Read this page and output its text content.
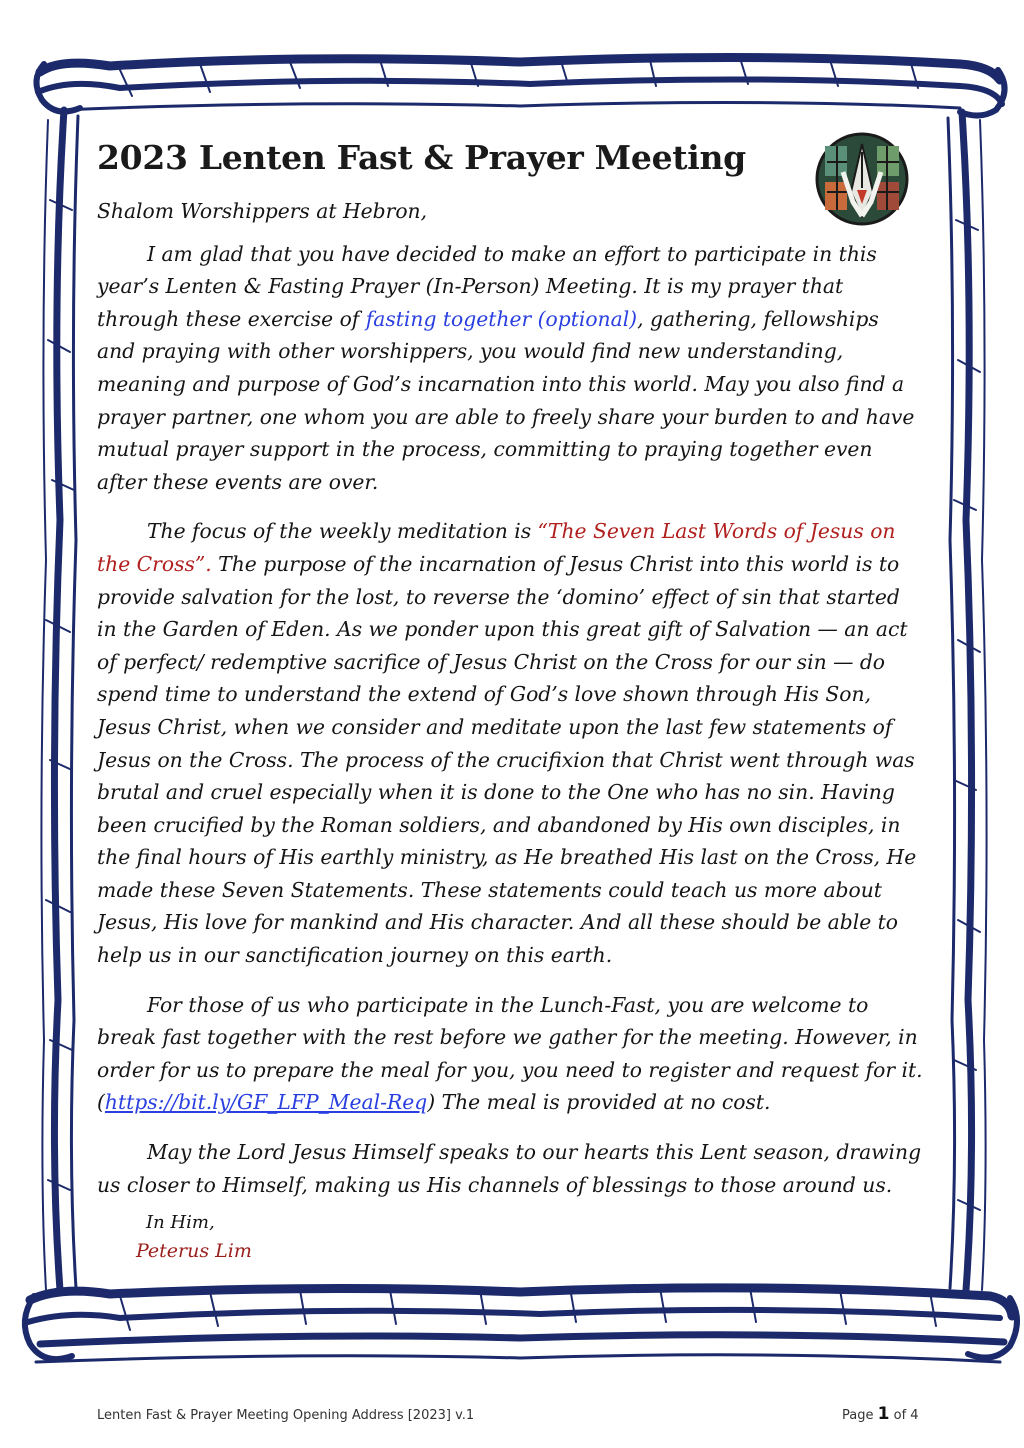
2023 Lenten Fast & Prayer Meeting

Shalom Worshippers at Hebron,

I am glad that you have decided to make an effort to participate in this year’s Lenten & Fasting Prayer (In-Person) Meeting. It is my prayer that through these exercise of fasting together (optional), gathering, fellowships and praying with other worshippers, you would find new understanding, meaning and purpose of God’s incarnation into this world. May you also find a prayer partner, one whom you are able to freely share your burden to and have mutual prayer support in the process, committing to praying together even after these events are over.

The focus of the weekly meditation is “The Seven Last Words of Jesus on the Cross”. The purpose of the incarnation of Jesus Christ into this world is to provide salvation for the lost, to reverse the ‘domino’ effect of sin that started in the Garden of Eden. As we ponder upon this great gift of Salvation — an act of perfect/ redemptive sacrifice of Jesus Christ on the Cross for our sin — do spend time to understand the extend of God’s love shown through His Son, Jesus Christ, when we consider and meditate upon the last few statements of Jesus on the Cross. The process of the crucifixion that Christ went through was brutal and cruel especially when it is done to the One who has no sin. Having been crucified by the Roman soldiers, and abandoned by His own disciples, in the final hours of His earthly ministry, as He breathed His last on the Cross, He made these Seven Statements. These statements could teach us more about Jesus, His love for mankind and His character. And all these should be able to help us in our sanctification journey on this earth.

For those of us who participate in the Lunch-Fast, you are welcome to break fast together with the rest before we gather for the meeting. However, in order for us to prepare the meal for you, you need to register and request for it. (https://bit.ly/GF_LFP_Meal-Req) The meal is provided at no cost.

May the Lord Jesus Himself speaks to our hearts this Lent season, drawing us closer to Himself, making us His channels of blessings to those around us.

In Him,
Peterus Lim
Lenten Fast & Prayer Meeting Opening Address [2023] v.1	Page 1 of 4
